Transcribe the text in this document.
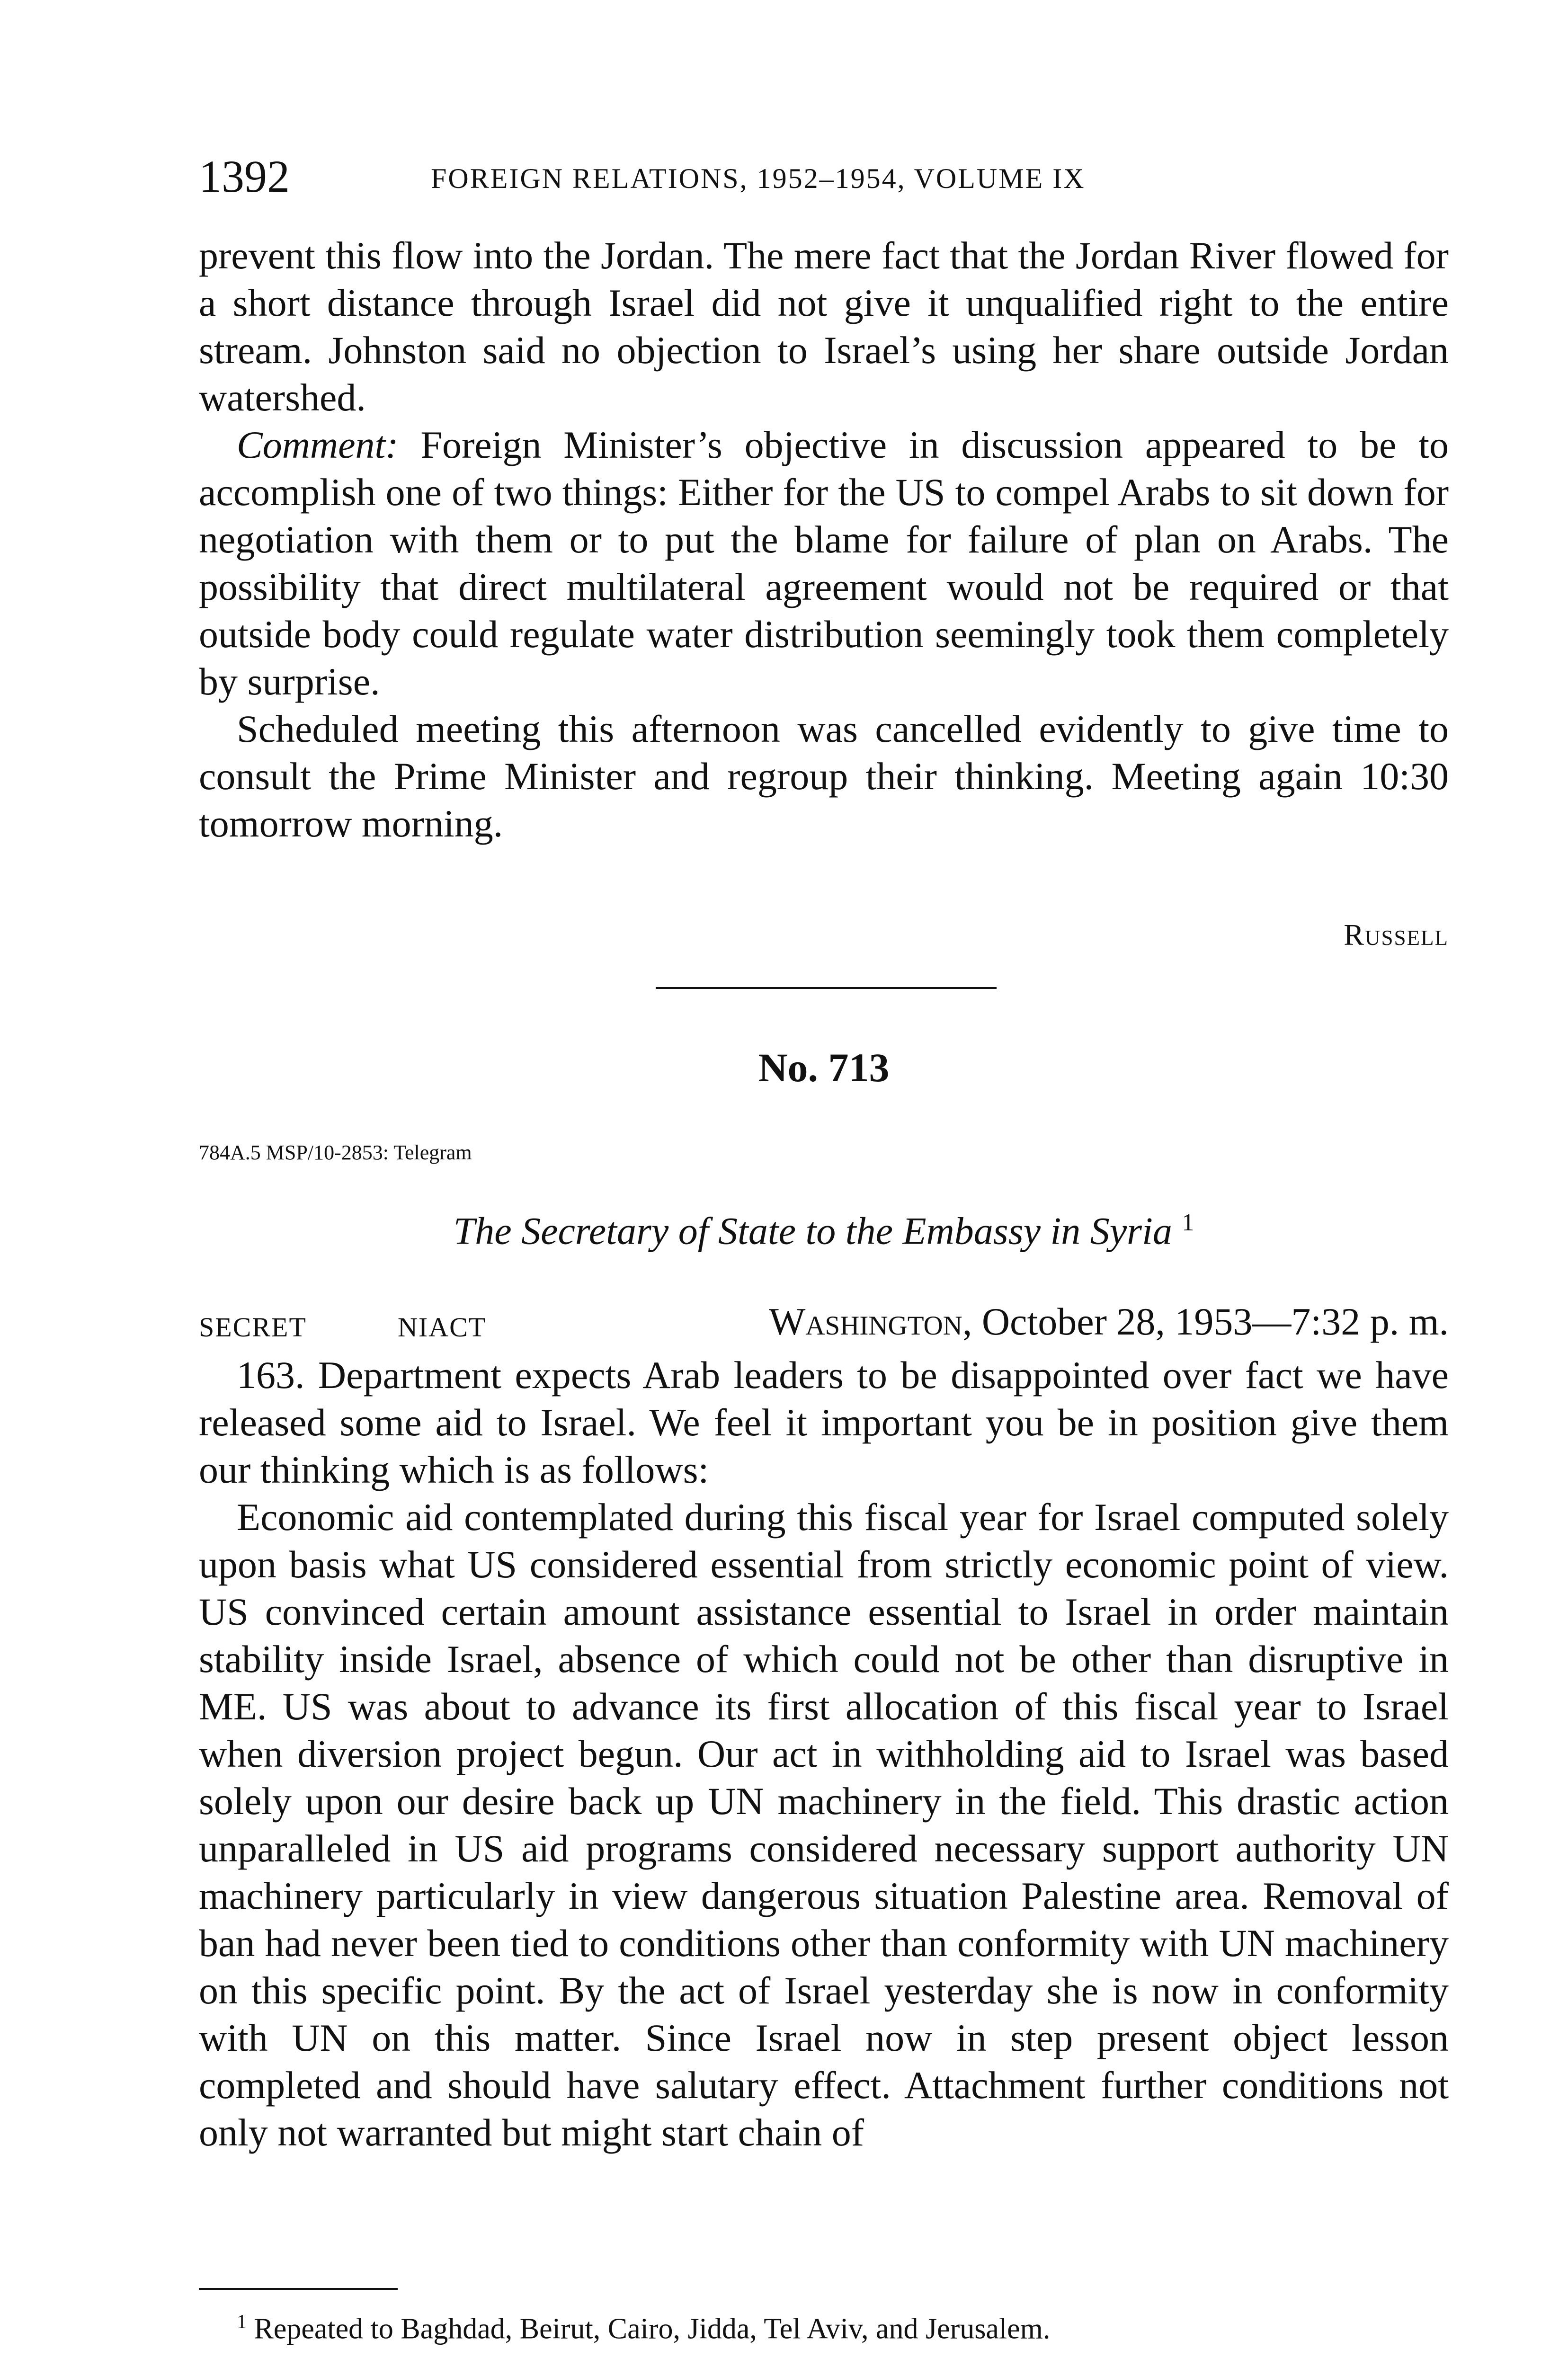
1392	FOREIGN RELATIONS, 1952–1954, VOLUME IX

prevent this flow into the Jordan. The mere fact that the Jordan River flowed for a short distance through Israel did not give it unqualified right to the entire stream. Johnston said no objection to Israel’s using her share outside Jordan watershed.

Comment: Foreign Minister’s objective in discussion appeared to be to accomplish one of two things: Either for the US to compel Arabs to sit down for negotiation with them or to put the blame for failure of plan on Arabs. The possibility that direct multilateral agreement would not be required or that outside body could regulate water distribution seemingly took them completely by surprise.

Scheduled meeting this afternoon was cancelled evidently to give time to consult the Prime Minister and regroup their thinking. Meeting again 10:30 tomorrow morning.

Russell
No. 713
784A.5 MSP/10-2853: Telegram
The Secretary of State to the Embassy in Syria $^1$
SECRET	NIACT	Washington, October 28, 1953—7:32 p. m.

163. Department expects Arab leaders to be disappointed over fact we have released some aid to Israel. We feel it important you be in position give them our thinking which is as follows:

Economic aid contemplated during this fiscal year for Israel computed solely upon basis what US considered essential from strictly economic point of view. US convinced certain amount assistance essential to Israel in order maintain stability inside Israel, absence of which could not be other than disruptive in ME. US was about to advance its first allocation of this fiscal year to Israel when diversion project begun. Our act in withholding aid to Israel was based solely upon our desire back up UN machinery in the field. This drastic action unparalleled in US aid programs considered necessary support authority UN machinery particularly in view dangerous situation Palestine area. Removal of ban had never been tied to conditions other than conformity with UN machinery on this specific point. By the act of Israel yesterday she is now in conformity with UN on this matter. Since Israel now in step present object lesson completed and should have salutary effect. Attachment further conditions not only not warranted but might start chain of

$^1$ Repeated to Baghdad, Beirut, Cairo, Jidda, Tel Aviv, and Jerusalem.
